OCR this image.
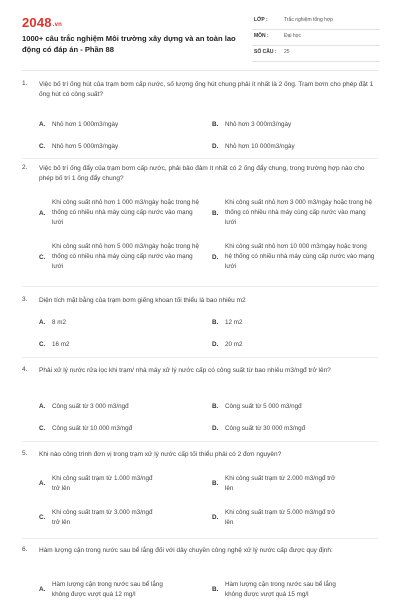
2048.vn
1000+ câu trắc nghiệm Môi trường xây dựng và an toàn lao động có đáp án - Phần 88
LỚP :	Trắc nghiệm tổng hợp
MÔN :	Đại học
SỐ CÂU : 25
1. Việc bố trí ống hút của trạm bơm cấp nước, số lượng ống hút chung phải ít nhất là 2 ống. Trạm bơm cho phép đặt 1 ống hút có công suất?
A. Nhỏ hơn 1 000m3/ngày	B. Nhỏ hơn 3 000m3/ngày
C. Nhỏ hơn 5 000m3/ngày	D. Nhỏ hơn 10 000m3/ngày
2. Việc bố trí ống đẩy của trạm bơm cấp nước, phải bảo đảm ít nhất có 2 ống đẩy chung, trong trường hợp nào cho phép bố trí 1 ống đẩy chung?
A.
Khi công suất nhỏ hơn 1 000 m3/ngày hoặc trong hệ thống có nhiều nhà máy cùng cấp nước vào mạng lưới
B.
Khi công suất nhỏ hơn 3 000 m3/ngày hoặc trong hệ thống có nhiều nhà máy cùng cấp nước vào mạng lưới
C.
Khi công suất nhỏ hơn 5 000 m3/ngày hoặc trong hệ thống có nhiều nhà máy cùng cấp nước vào mạng lưới
D.
Khi công suất nhỏ hơn 10 000 m3/ngày hoặc trong hệ thống có nhiều nhà máy cùng cấp nước vào mạng lưới
3. Diện tích mặt bằng của trạm bơm giếng khoan tối thiểu là bao nhiêu m2
A. 8 m2	B. 12 m2
C. 16 m2	D. 20 m2
4. Phải xử lý nước rửa lọc khi trạm/ nhà máy xử lý nước cấp có công suất từ bao nhiêu m3/ngđ trở lên?
A. Công suất từ 3 000 m3/ngđ	B. Công suất từ 5 000 m3/ngđ
C. Công suất từ 10 000 m3/ngđ	D. Công suất từ 30 000 m3/ngđ
5. Khi nào công trình đơn vị trong trạm xử lý nước cấp tối thiểu phải có 2 đơn nguyên?
A.
Khi công suất trạm từ 1.000 m3/ngđ trở lên
B.
Khi công suất trạm từ 2.000 m3/ngđ trở lên
C.
Khi công suất trạm từ 3.000 m3/ngđ trở lên
D.
Khi công suất trạm từ 5.000 m3/ngđ trở lên
6. Hàm lượng cặn trong nước sau bể lắng đối với dây chuyền công nghệ xử lý nước cấp được quy định:
A.
Hàm lượng cặn trong nước sau bể lắng không được vượt quá 12 mg/l
B.
Hàm lượng cặn trong nước sau bể lắng không được vượt quá 15 mg/l
